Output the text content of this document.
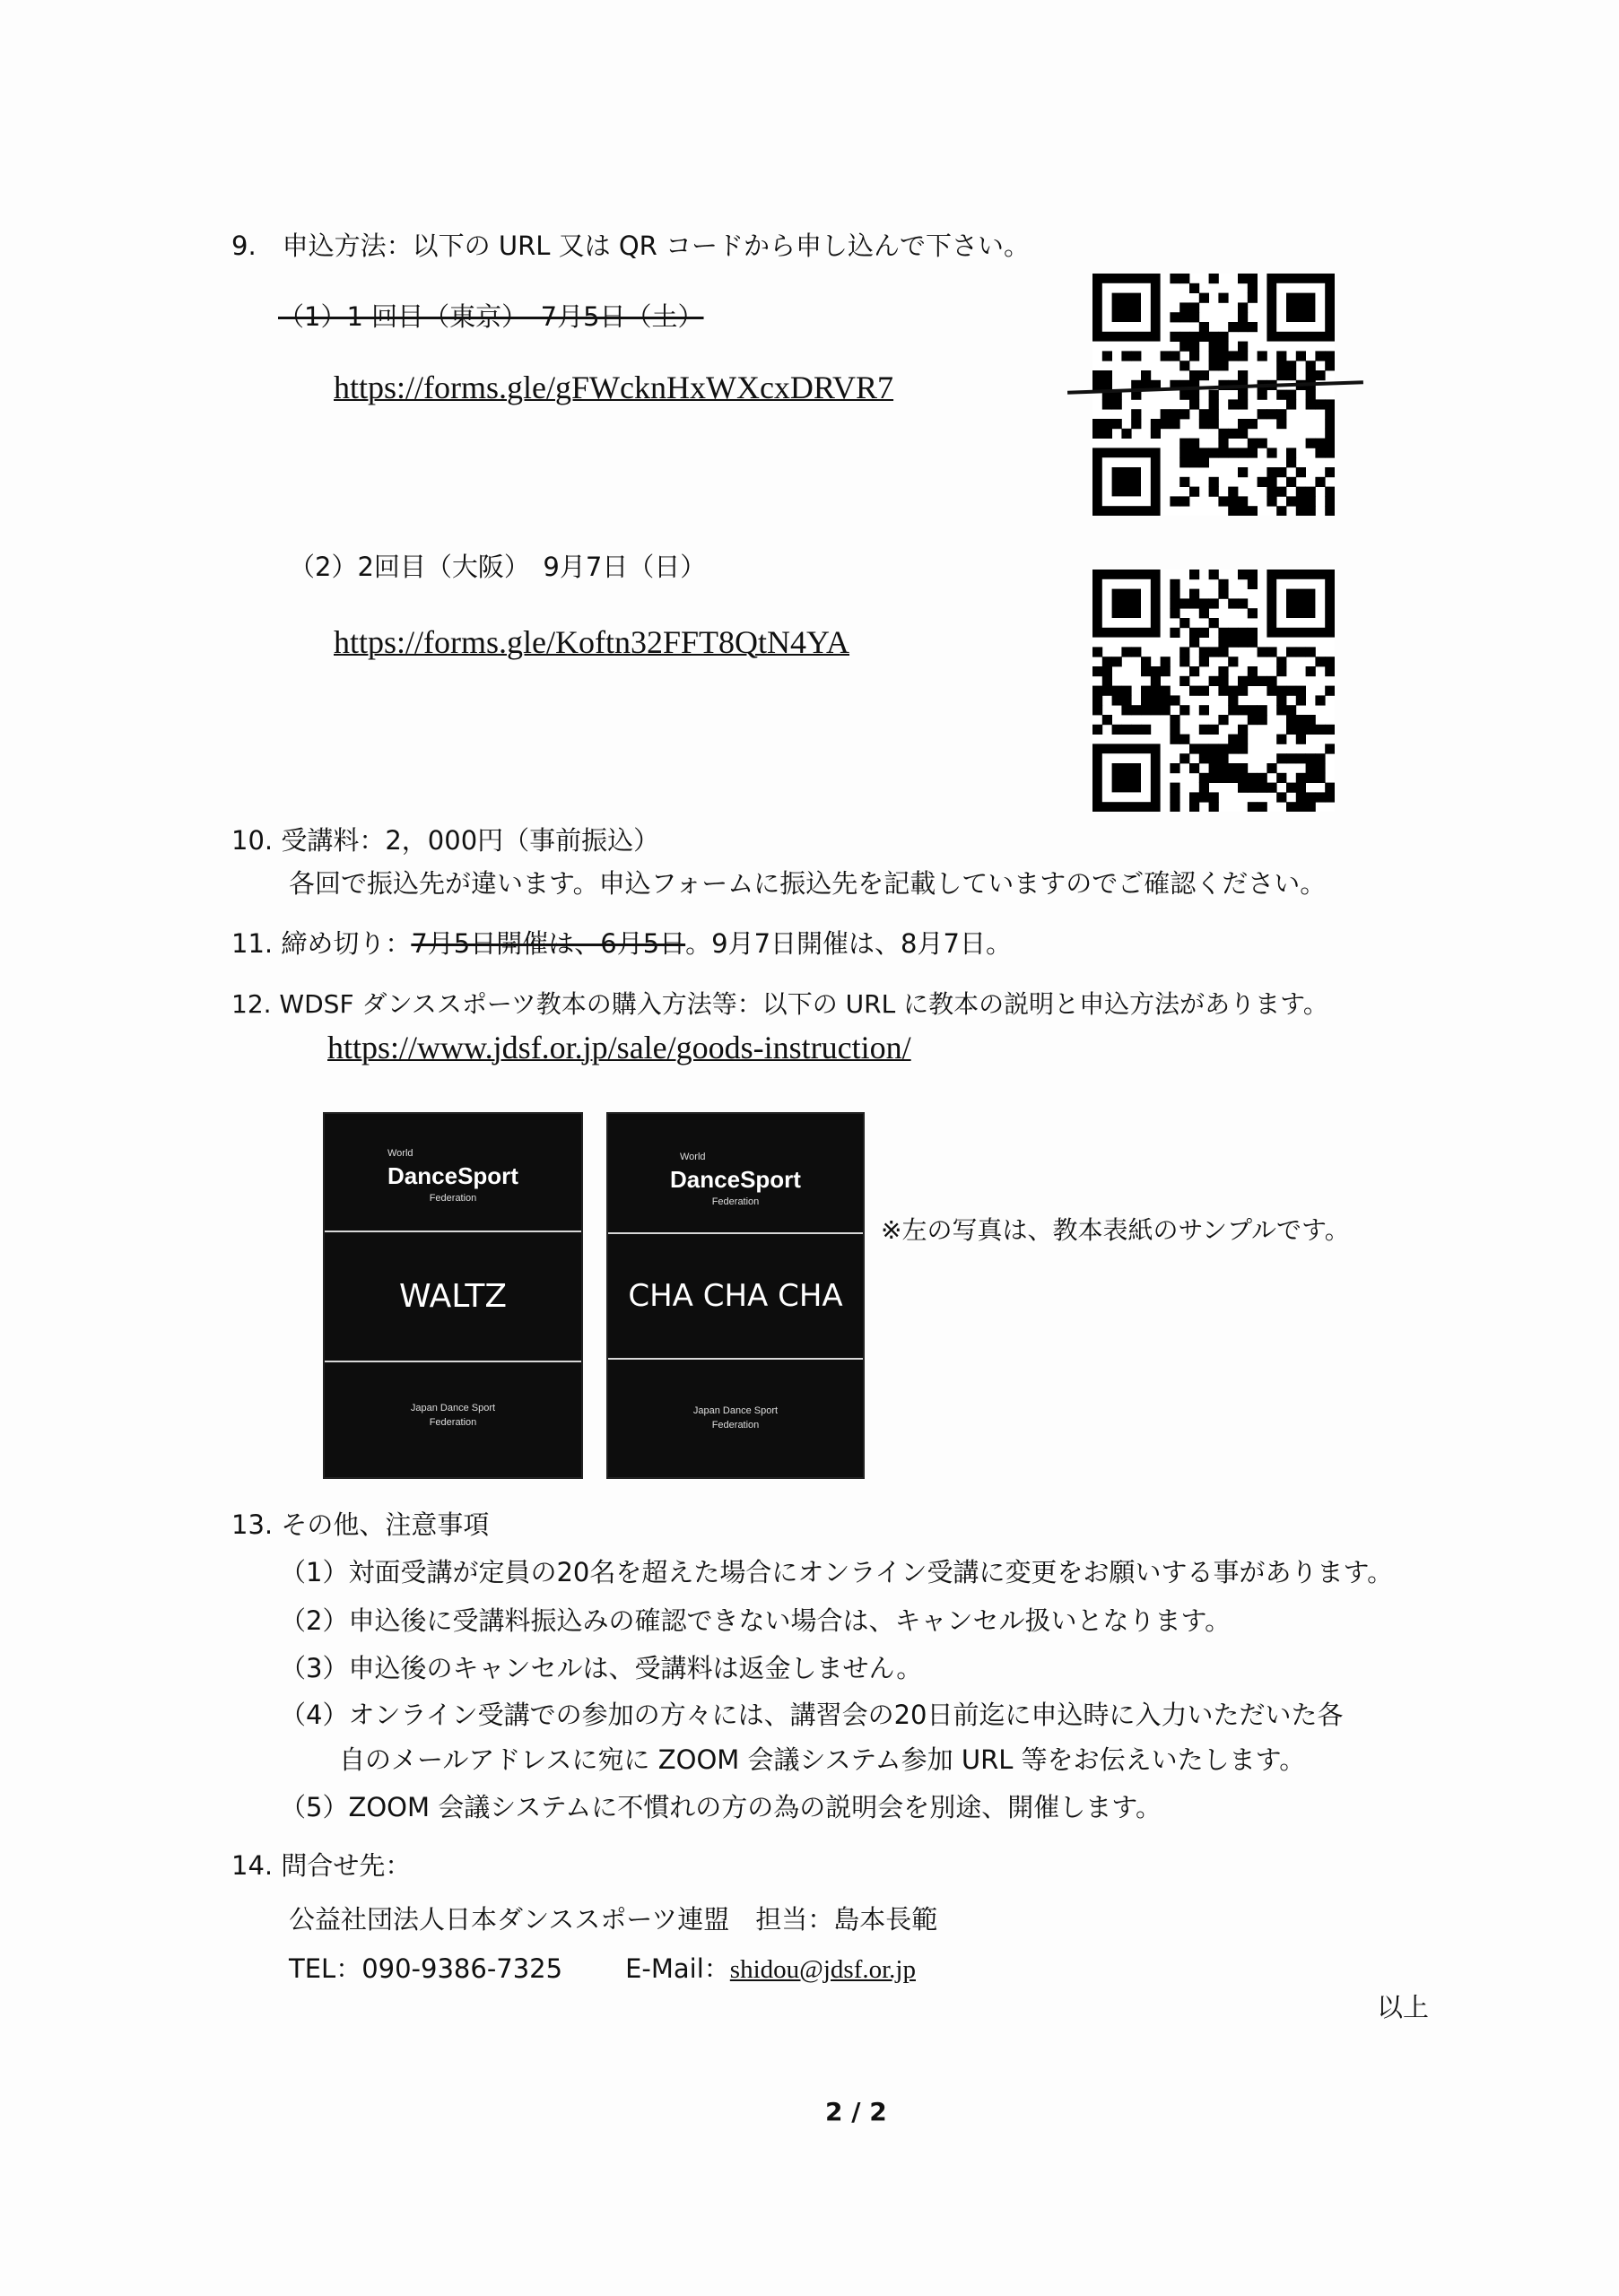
9.　申込方法：以下の URL 又は QR コードから申し込んで下さい。
（1）1 回目（東京）　7月5日（土）
https://forms.gle/gFWcknHxWXcxDRVR7
（2）2回目（大阪）　9月7日（日）
https://forms.gle/Koftn32FFT8QtN4YA
10. 受講料：2，000円（事前振込）
各回で振込先が違います。申込フォームに振込先を記載していますのでご確認ください。
11. 締め切り：7月5日開催は、6月5日。9月7日開催は、8月7日。
12. WDSF ダンススポーツ教本の購入方法等：以下の URL に教本の説明と申込方法があります。
https://www.jdsf.or.jp/sale/goods-instruction/
World
DanceSport
Federation
WALTZ
Japan Dance Sport
Federation
World
DanceSport
Federation
CHA CHA CHA
Japan Dance Sport
Federation
※左の写真は、教本表紙のサンプルです。
13. その他、注意事項
（1）対面受講が定員の20名を超えた場合にオンライン受講に変更をお願いする事があります。
（2）申込後に受講料振込みの確認できない場合は、キャンセル扱いとなります。
（3）申込後のキャンセルは、受講料は返金しません。
（4）オンライン受講での参加の方々には、講習会の20日前迄に申込時に入力いただいた各
自のメールアドレスに宛に ZOOM 会議システム参加 URL 等をお伝えいたします。
（5）ZOOM 会議システムに不慣れの方の為の説明会を別途、開催します。
14. 問合せ先：
公益社団法人日本ダンススポーツ連盟　担当：島本長範
TEL：090-9386-7325 E-Mail：shidou@jdsf.or.jp
以上
2 / 2
